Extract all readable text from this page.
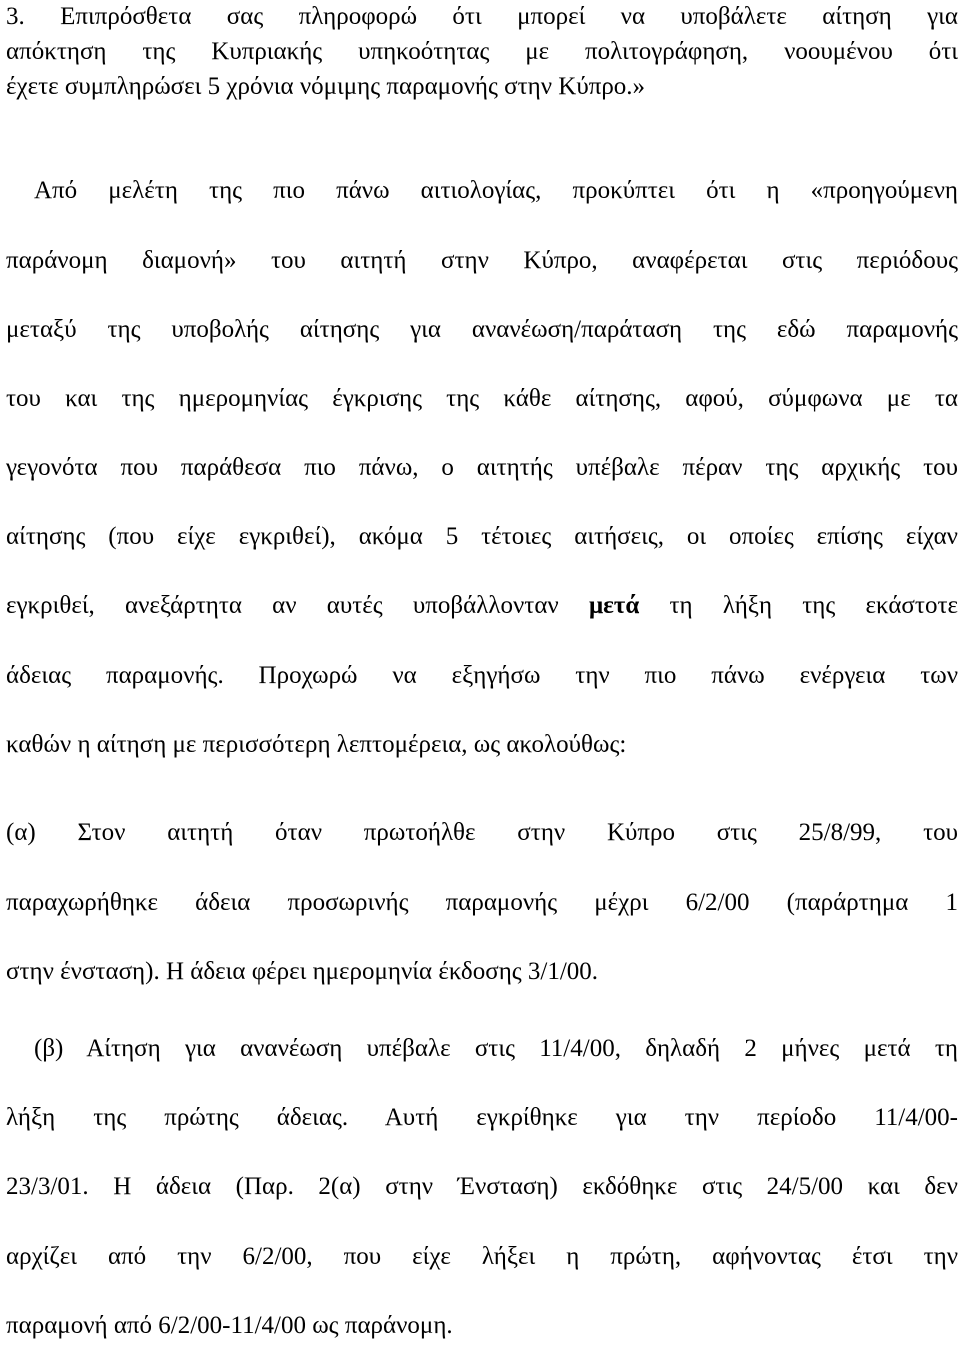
3. Επιπρόσθετα σας πληροφορώ ότι μπορεί να υποβάλετε αίτηση για
απόκτηση της Κυπριακής υπηκοότητας με πολιτογράφηση, νοουμένου ότι
έχετε συμπληρώσει 5 χρόνια νόμιμης παραμονής στην Κύπρο.»
Από μελέτη της πιο πάνω αιτιολογίας, προκύπτει ότι η «προηγούμενη
παράνομη διαμονή» του αιτητή στην Κύπρο, αναφέρεται στις περιόδους
μεταξύ της υποβολής αίτησης για ανανέωση/παράταση της εδώ παραμονής
του και της ημερομηνίας έγκρισης της κάθε αίτησης, αφού, σύμφωνα με τα
γεγονότα που παράθεσα πιο πάνω, ο αιτητής υπέβαλε πέραν της αρχικής του
αίτησης (που είχε εγκριθεί), ακόμα 5 τέτοιες αιτήσεις, οι οποίες επίσης είχαν
εγκριθεί, ανεξάρτητα αν αυτές υποβάλλονταν μετά τη λήξη της εκάστοτε
άδειας παραμονής. Προχωρώ να εξηγήσω την πιο πάνω ενέργεια των
καθών η αίτηση με περισσότερη λεπτομέρεια, ως ακολούθως:
(α) Στον αιτητή όταν πρωτοήλθε στην Κύπρο στις 25/8/99, του
παραχωρήθηκε άδεια προσωρινής παραμονής μέχρι 6/2/00 (παράρτημα 1
στην ένσταση). Η άδεια φέρει ημερομηνία έκδοσης 3/1/00.
(β) Αίτηση για ανανέωση υπέβαλε στις 11/4/00, δηλαδή 2 μήνες μετά τη
λήξη της πρώτης άδειας. Αυτή εγκρίθηκε για την περίοδο 11/4/00-
23/3/01. Η άδεια (Παρ. 2(α) στην Ένσταση) εκδόθηκε στις 24/5/00 και δεν
αρχίζει από την 6/2/00, που είχε λήξει η πρώτη, αφήνοντας έτσι την
παραμονή από 6/2/00-11/4/00 ως παράνομη.
